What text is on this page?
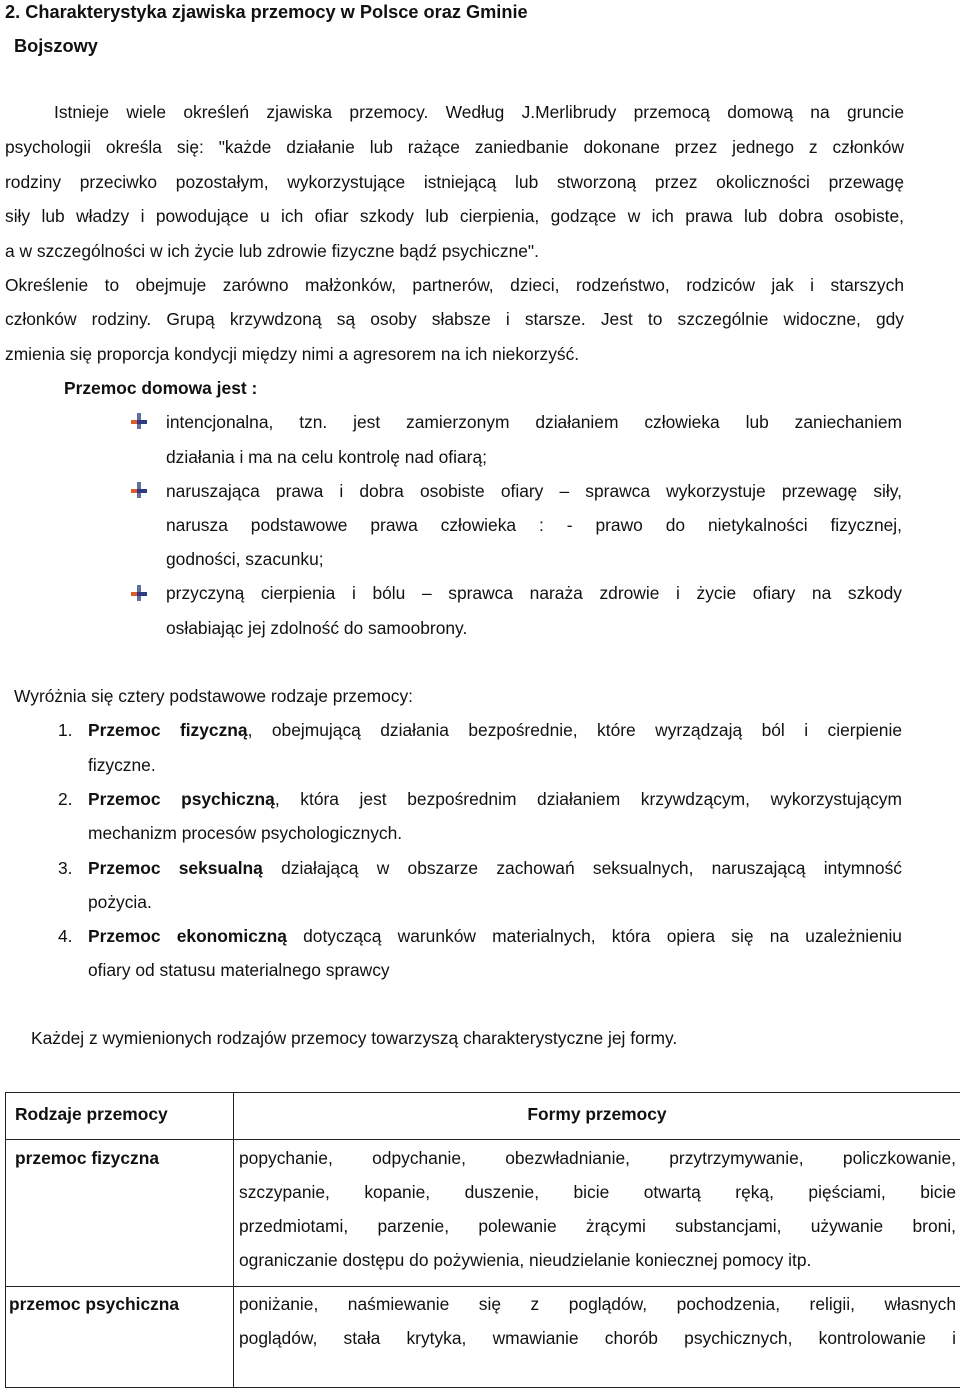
2. Charakterystyka zjawiska przemocy w Polsce oraz Gminie
Bojszowy
Istnieje wiele określeń zjawiska przemocy. Według J.Merlibrudy przemocą domową na gruncie
psychologii określa się: "każde działanie lub rażące zaniedbanie dokonane przez jednego z członków
rodziny przeciwko pozostałym, wykorzystujące istniejącą lub stworzoną przez okoliczności przewagę
siły lub władzy i powodujące u ich ofiar szkody lub cierpienia, godzące w ich prawa lub dobra osobiste,
a w szczególności w ich życie lub zdrowie fizyczne bądź psychiczne".
Określenie to obejmuje zarówno małżonków, partnerów, dzieci, rodzeństwo, rodziców jak i starszych
członków rodziny. Grupą krzywdzoną są osoby słabsze i starsze. Jest to szczególnie widoczne, gdy
zmienia się proporcja kondycji między nimi a agresorem na ich niekorzyść.
Przemoc domowa jest :
intencjonalna, tzn. jest zamierzonym działaniem człowieka lub zaniechaniem
działania i ma na celu kontrolę nad ofiarą;
naruszająca prawa i dobra osobiste ofiary – sprawca wykorzystuje przewagę siły,
narusza podstawowe prawa człowieka : - prawo do nietykalności fizycznej,
godności, szacunku;
przyczyną cierpienia i bólu – sprawca naraża zdrowie i życie ofiary na szkody
osłabiając jej zdolność do samoobrony.
Wyróżnia się cztery podstawowe rodzaje przemocy:
1. Przemoc fizyczną, obejmującą działania bezpośrednie, które wyrządzają ból i cierpienie
fizyczne.
2. Przemoc psychiczną, która jest bezpośrednim działaniem krzywdzącym, wykorzystującym
mechanizm procesów psychologicznych.
3. Przemoc seksualną działającą w obszarze zachowań seksualnych, naruszającą intymność
pożycia.
4. Przemoc ekonomiczną dotyczącą warunków materialnych, która opiera się na uzależnieniu
ofiary od statusu materialnego sprawcy
Każdej z wymienionych rodzajów przemocy towarzyszą charakterystyczne jej formy.
Rodzaje przemocy	Formy przemocy

przemoc fizyczna	popychanie, odpychanie, obezwładnianie, przytrzymywanie, policzkowanie,
szczypanie, kopanie, duszenie, bicie otwartą ręką, pięściami, bicie
przedmiotami, parzenie, polewanie żrącymi substancjami, używanie broni,
ograniczanie dostępu do pożywienia, nieudzielanie koniecznej pomocy itp.

przemoc psychiczna	poniżanie, naśmiewanie się z poglądów, pochodzenia, religii, własnych
poglądów, stała krytyka, wmawianie chorób psychicznych, kontrolowanie i
